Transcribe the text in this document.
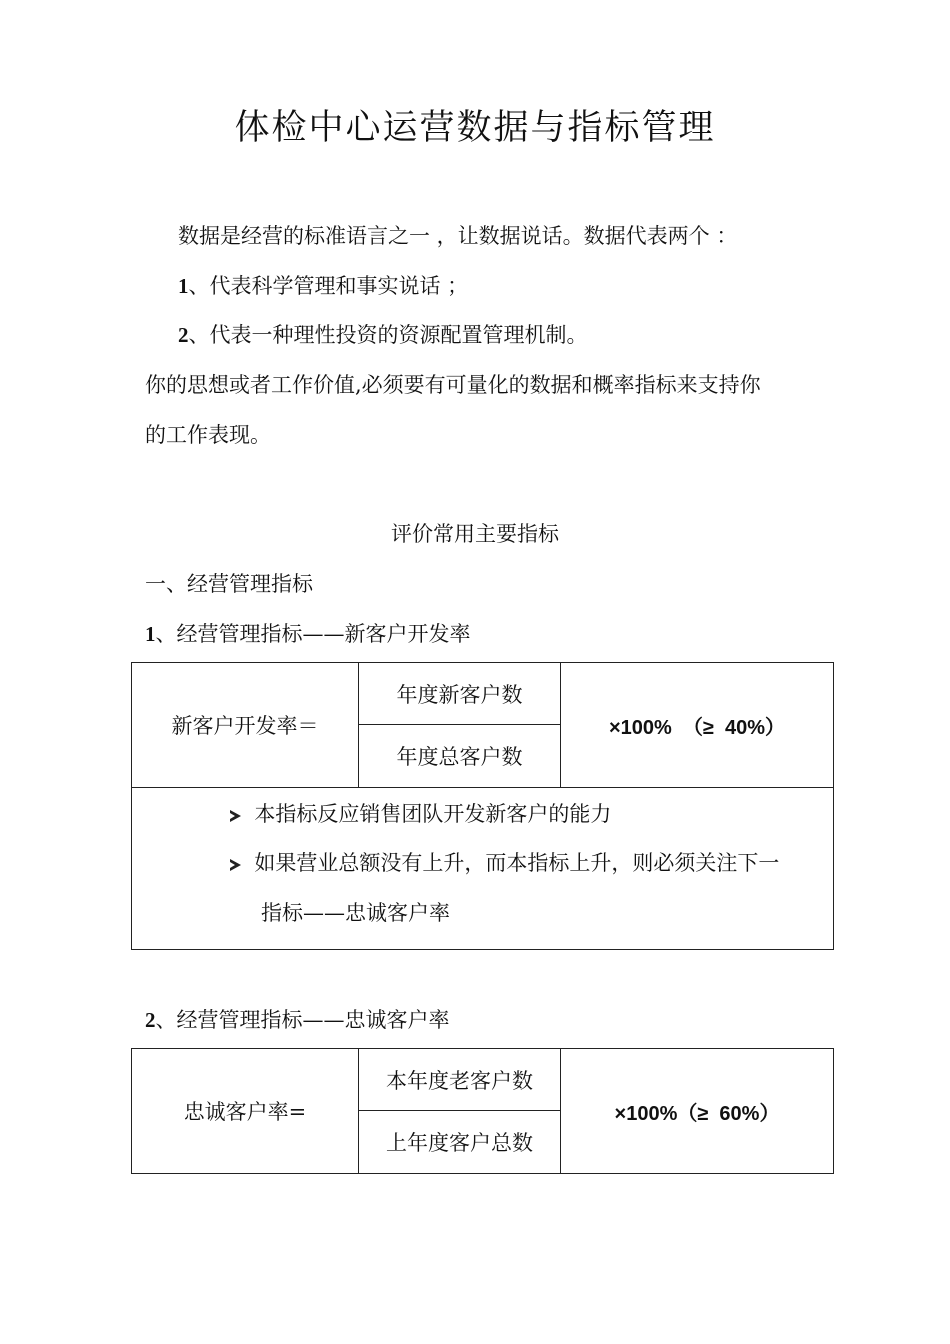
体检中心运营数据与指标管理
数据是经营的标准语言之一 ，让数据说话。数据代表两个 ：
1、代表科学管理和事实说话 ；
2、代表一种理性投资的资源配置管理机制。
你的思想或者工作价值,必须要有可量化的数据和概率指标来支持你
的工作表现。
评价常用主要指标
一、经营管理指标
1、经营管理指标——新客户开发率
新客户开发率＝	年度新客户数	×100%  （≥  40%）
年度总客户数
本指标反应销售团队开发新客户的能力
如果营业总额没有上升，而本指标上升，则必须关注下一
指标——忠诚客户率
2、经营管理指标——忠诚客户率
忠诚客户率=	本年度老客户数	×100%（≥  60%）
上年度客户总数
